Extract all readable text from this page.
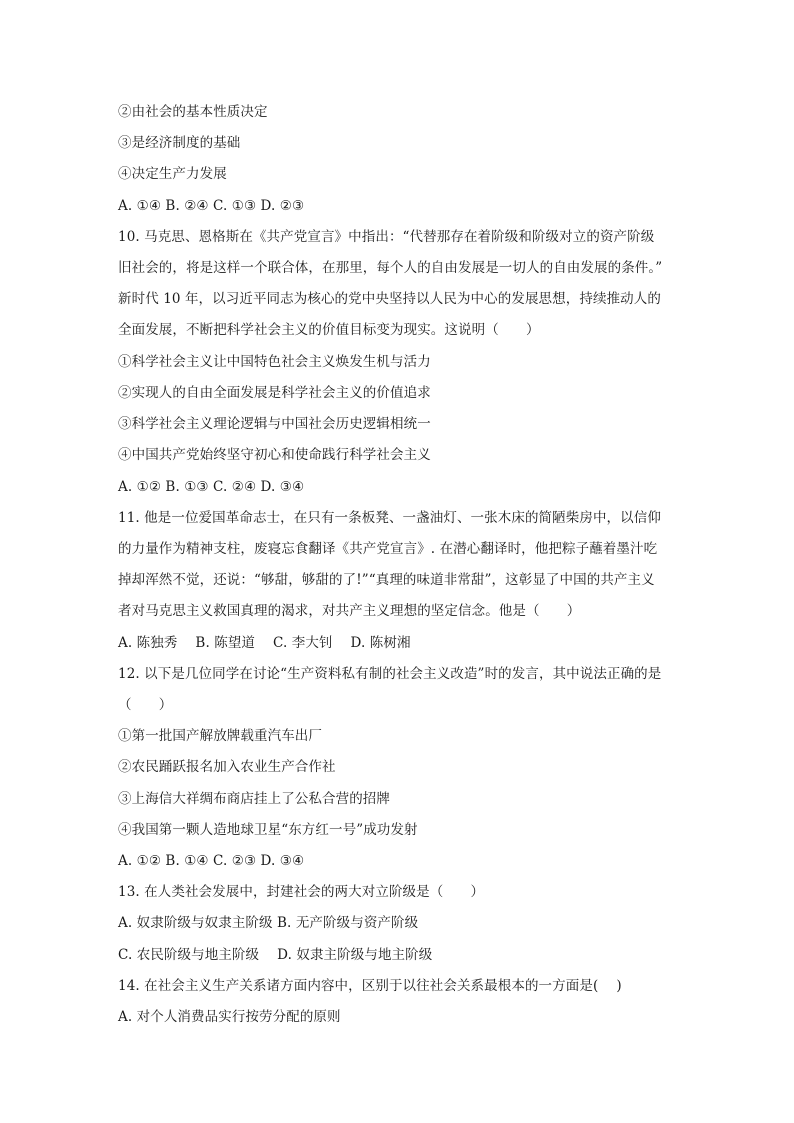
②由社会的基本性质决定
③是经济制度的基础
④决定生产力发展
A. ①④ B. ②④ C. ①③ D. ②③
10. 马克思、恩格斯在《共产党宣言》中指出：“代替那存在着阶级和阶级对立的资产阶级
旧社会的，将是这样一个联合体，在那里，每个人的自由发展是一切人的自由发展的条件。”
新时代 10 年，以习近平同志为核心的党中央坚持以人民为中心的发展思想，持续推动人的
全面发展，不断把科学社会主义的价值目标变为现实。这说明（　　）
①科学社会主义让中国特色社会主义焕发生机与活力
②实现人的自由全面发展是科学社会主义的价值追求
③科学社会主义理论逻辑与中国社会历史逻辑相统一
④中国共产党始终坚守初心和使命践行科学社会主义
A. ①② B. ①③ C. ②④ D. ③④
11. 他是一位爱国革命志士，在只有一条板凳、一盏油灯、一张木床的简陋柴房中，以信仰
的力量作为精神支柱，废寝忘食翻译《共产党宣言》. 在潜心翻译时，他把粽子蘸着墨汁吃
掉却浑然不觉，还说：“够甜，够甜的了!”“真理的味道非常甜”，这彰显了中国的共产主义
者对马克思主义救国真理的渴求，对共产主义理想的坚定信念。他是（　　）
A. 陈独秀　 B. 陈望道　 C. 李大钊　 D. 陈树湘
12. 以下是几位同学在讨论“生产资料私有制的社会主义改造”时的发言，其中说法正确的是
（　　）
①第一批国产解放牌载重汽车出厂
②农民踊跃报名加入农业生产合作社
③上海信大祥绸布商店挂上了公私合营的招牌
④我国第一颗人造地球卫星“东方红一号”成功发射
A. ①② B. ①④ C. ②③ D. ③④
13. 在人类社会发展中，封建社会的两大对立阶级是（　　）
A. 奴隶阶级与奴隶主阶级 B. 无产阶级与资产阶级
C. 农民阶级与地主阶级　 D. 奴隶主阶级与地主阶级
14. 在社会主义生产关系诸方面内容中，区别于以往社会关系最根本的一方面是(　 )
A. 对个人消费品实行按劳分配的原则
